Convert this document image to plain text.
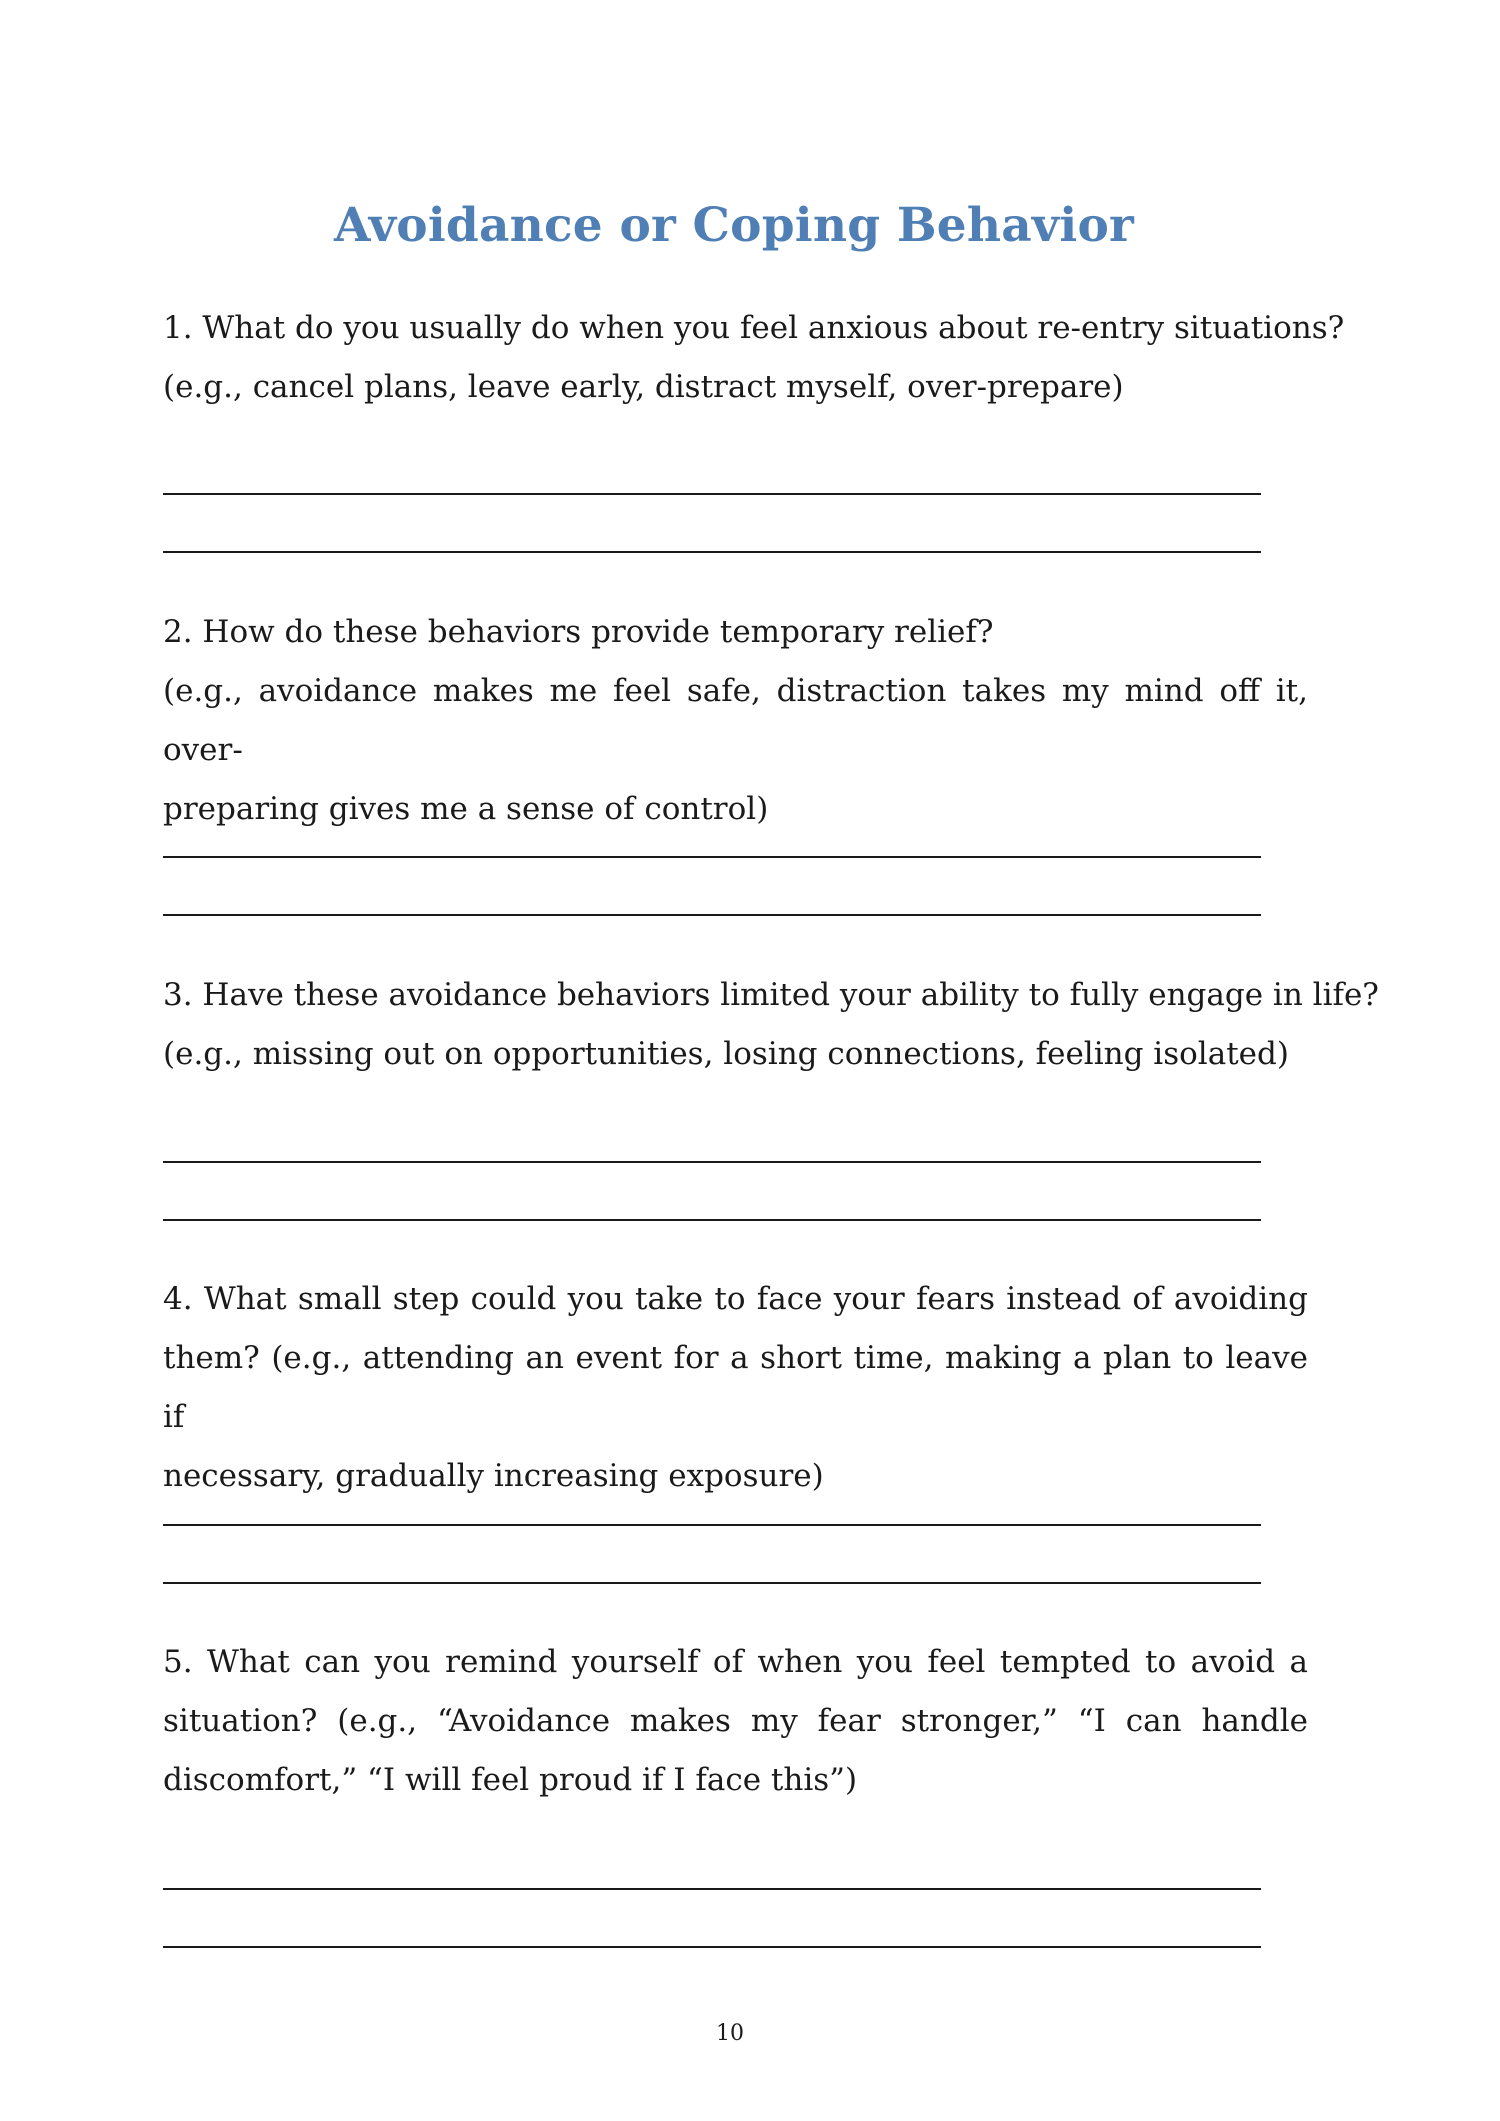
Avoidance or Coping Behavior
1. What do you usually do when you feel anxious about re-entry situations?
(e.g., cancel plans, leave early, distract myself, over-prepare)
2. How do these behaviors provide temporary relief?
(e.g., avoidance makes me feel safe, distraction takes my mind off it, over-
preparing gives me a sense of control)
3. Have these avoidance behaviors limited your ability to fully engage in life?
(e.g., missing out on opportunities, losing connections, feeling isolated)
4. What small step could you take to face your fears instead of avoiding
them? (e.g., attending an event for a short time, making a plan to leave if
necessary, gradually increasing exposure)
5. What can you remind yourself of when you feel tempted to avoid a
situation? (e.g., “Avoidance makes my fear stronger,” “I can handle
discomfort,” “I will feel proud if I face this”)
10
